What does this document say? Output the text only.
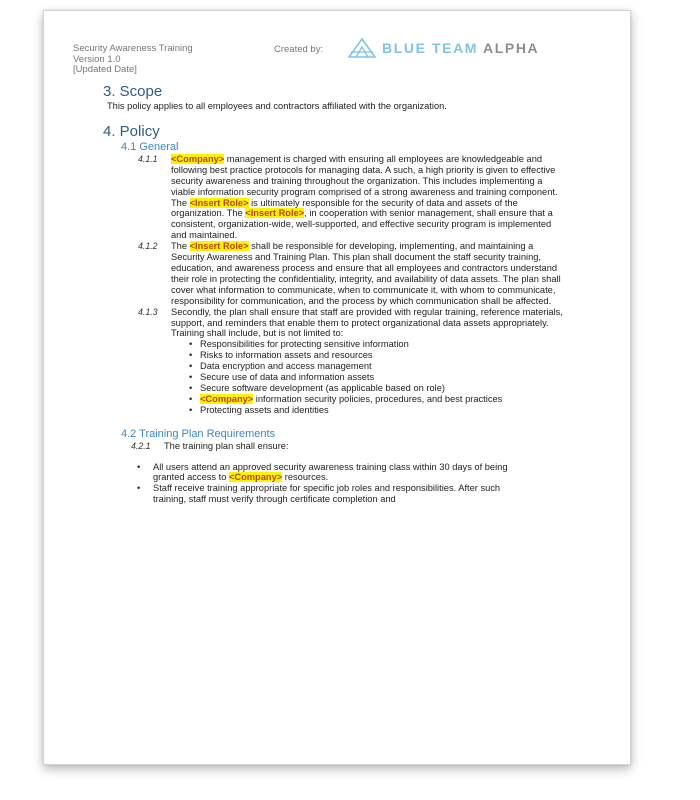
Security Awareness Training
Version 1.0
[Updated Date]
Created by:	BLUE TEAM ALPHA
3. Scope

This policy applies to all employees and contractors affiliated with the organization.

4. Policy
4.1 General
4.1.1	<Company> management is charged with ensuring all employees are knowledgeable and following best practice protocols for managing data. A such, a high priority is given to effective security awareness and training throughout the organization. This includes implementing a viable information security program comprised of a strong awareness and training component. The <Insert Role> is ultimately responsible for the security of data and assets of the organization. The <Insert Role>, in cooperation with senior management, shall ensure that a consistent, organization-wide, well-supported, and effective security program is implemented and maintained.
4.1.2	The <Insert Role> shall be responsible for developing, implementing, and maintaining a Security Awareness and Training Plan. This plan shall document the staff security training, education, and awareness process and ensure that all employees and contractors understand their role in protecting the confidentiality, integrity, and availability of data assets. The plan shall cover what information to communicate, when to communicate it, with whom to communicate, responsibility for communication, and the process by which communication shall be affected.
4.1.3	Secondly, the plan shall ensure that staff are provided with regular training, reference materials, support, and reminders that enable them to protect organizational data assets appropriately. Training shall include, but is not limited to:
• Responsibilities for protecting sensitive information
• Risks to information assets and resources
• Data encryption and access management
• Secure use of data and information assets
• Secure software development (as applicable based on role)
• <Company> information security policies, procedures, and best practices
• Protecting assets and identities
4.2 Training Plan Requirements
4.2.1	The training plan shall ensure:
• All users attend an approved security awareness training class within 30 days of being granted access to <Company> resources.
• Staff receive training appropriate for specific job roles and responsibilities. After such training, staff must verify through certificate completion and
